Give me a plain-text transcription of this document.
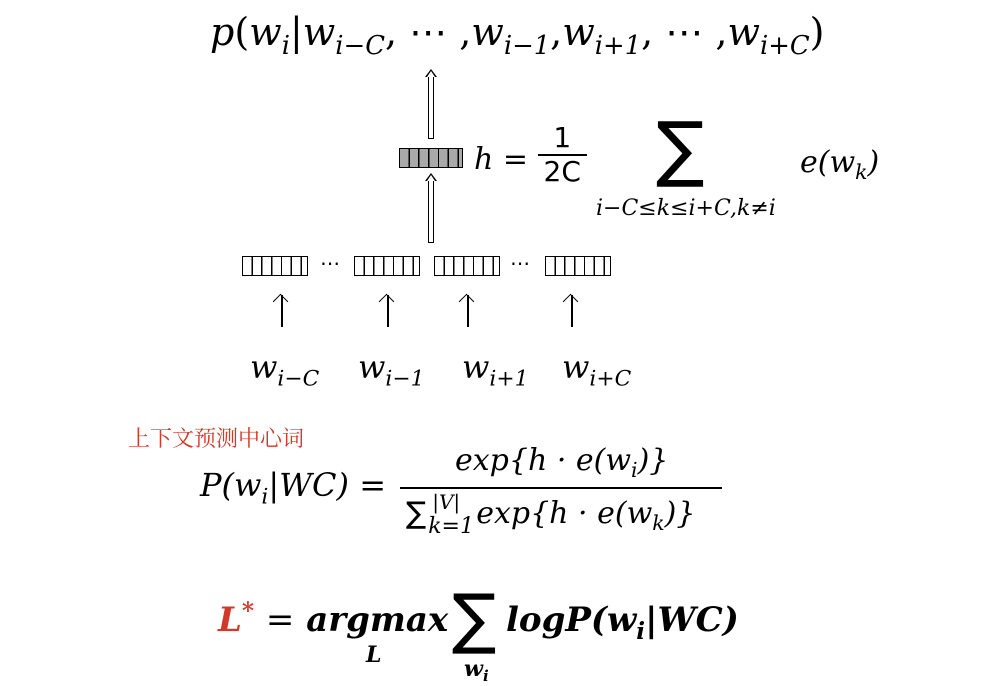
$p(w_i|w_{i-C}$, ⋯ $,w_{i-1},w_{i+1}$, ⋯ $,w_{i+C}$)
$h = \frac{1}{2C}$ ∑
i−C≤k≤i+C,k≠i
$e(w_k)$
⋯	⋯
$w_{i-C}$ $w_{i-1}$ $w_{i+1}$ $w_{i+C}$
上下文预测中心词
$P(w_i|WC)$ =
$\exp\{h \cdot e(w_i)\}$
∑ |V|
k=1 $\exp\{h \cdot e(w_k)\}$
L* = argmax
L ∑
$w_i$
$\log P(w_i|WC)$
